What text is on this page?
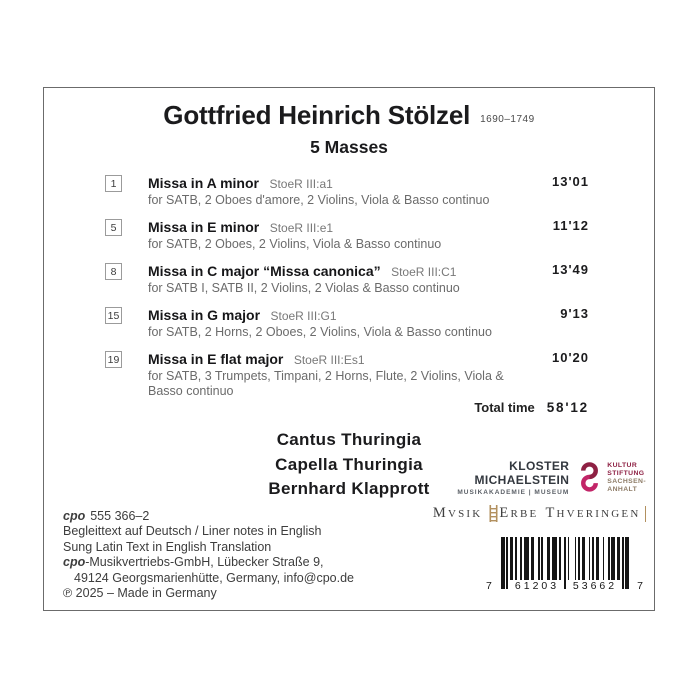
Gottfried Heinrich Stölzel 1690–1749
5 Masses
1	Missa in A minor StoeR III:a1
for SATB, 2 Oboes d'amore, 2 Violins, Viola & Basso continuo
13'01
5	Missa in E minor StoeR III:e1
for SATB, 2 Oboes, 2 Violins, Viola & Basso continuo
11'12
8	Missa in C major “Missa canonica” StoeR III:C1
for SATB I, SATB II, 2 Violins, 2 Violas & Basso continuo
13'49
15 Missa in G major StoeR III:G1
for SATB, 2 Horns, 2 Oboes, 2 Violins, Viola & Basso continuo
9'13
19 Missa in E flat major StoeR III:Es1
for SATB, 3 Trumpets, Timpani, 2 Horns, Flute, 2 Violins, Viola & Basso continuo
10'20
Total time 58'12
Cantus Thuringia
Capella Thuringia
Bernhard Klapprott
cpo 555 366–2
Begleittext auf Deutsch / Liner notes in English
Sung Latin Text in English Translation
cpo-Musikvertriebs-GmbH, Lübecker Straße 9,
49124 Georgsmarienhütte, Germany, info@cpo.de
℗ 2025 – Made in Germany
KLOSTER
MICHAELSTEIN
MUSIKAKADEMIE | MUSEUM
KULTUR
STIFTUNG
SACHSEN-
ANHALT
MVSIK ERBE THVERINGEN
7	61203	53662	7
